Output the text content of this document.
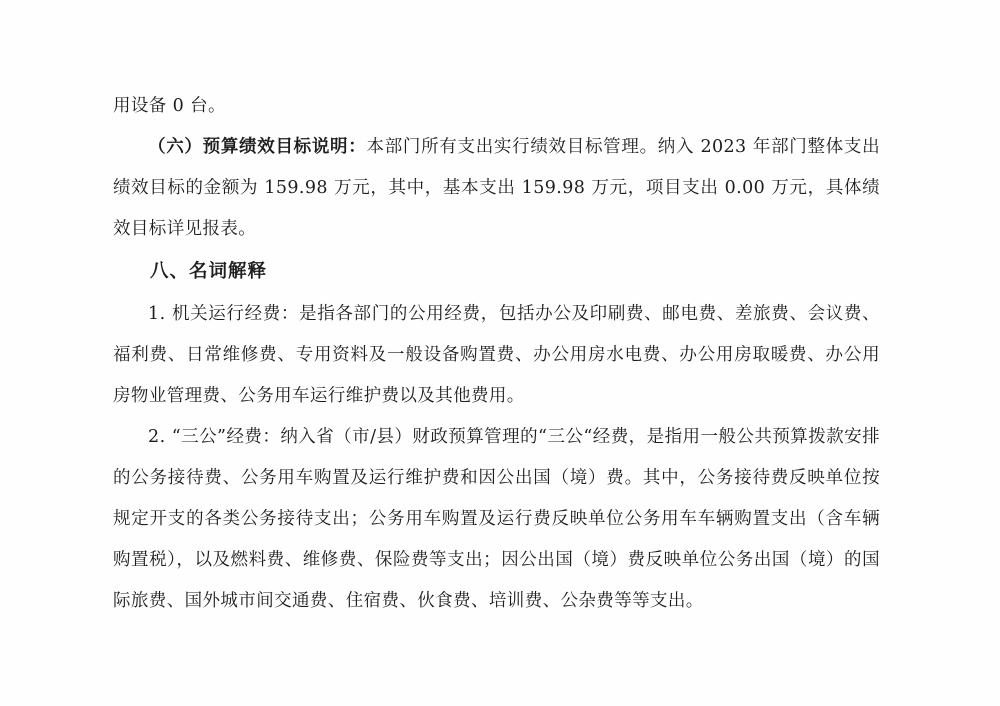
用设备 0 台。

（六）预算绩效目标说明：本部门所有支出实行绩效目标管理。纳入 2023 年部门整体支出绩效目标的金额为 159.98 万元，其中，基本支出 159.98 万元，项目支出 0.00 万元，具体绩效目标详见报表。

八、名词解释

1. 机关运行经费：是指各部门的公用经费，包括办公及印刷费、邮电费、差旅费、会议费、福利费、日常维修费、专用资料及一般设备购置费、办公用房水电费、办公用房取暖费、办公用房物业管理费、公务用车运行维护费以及其他费用。

2. “三公”经费：纳入省（市/县）财政预算管理的“三公“经费，是指用一般公共预算拨款安排的公务接待费、公务用车购置及运行维护费和因公出国（境）费。其中，公务接待费反映单位按规定开支的各类公务接待支出；公务用车购置及运行费反映单位公务用车车辆购置支出（含车辆购置税），以及燃料费、维修费、保险费等支出；因公出国（境）费反映单位公务出国（境）的国际旅费、国外城市间交通费、住宿费、伙食费、培训费、公杂费等等支出。
